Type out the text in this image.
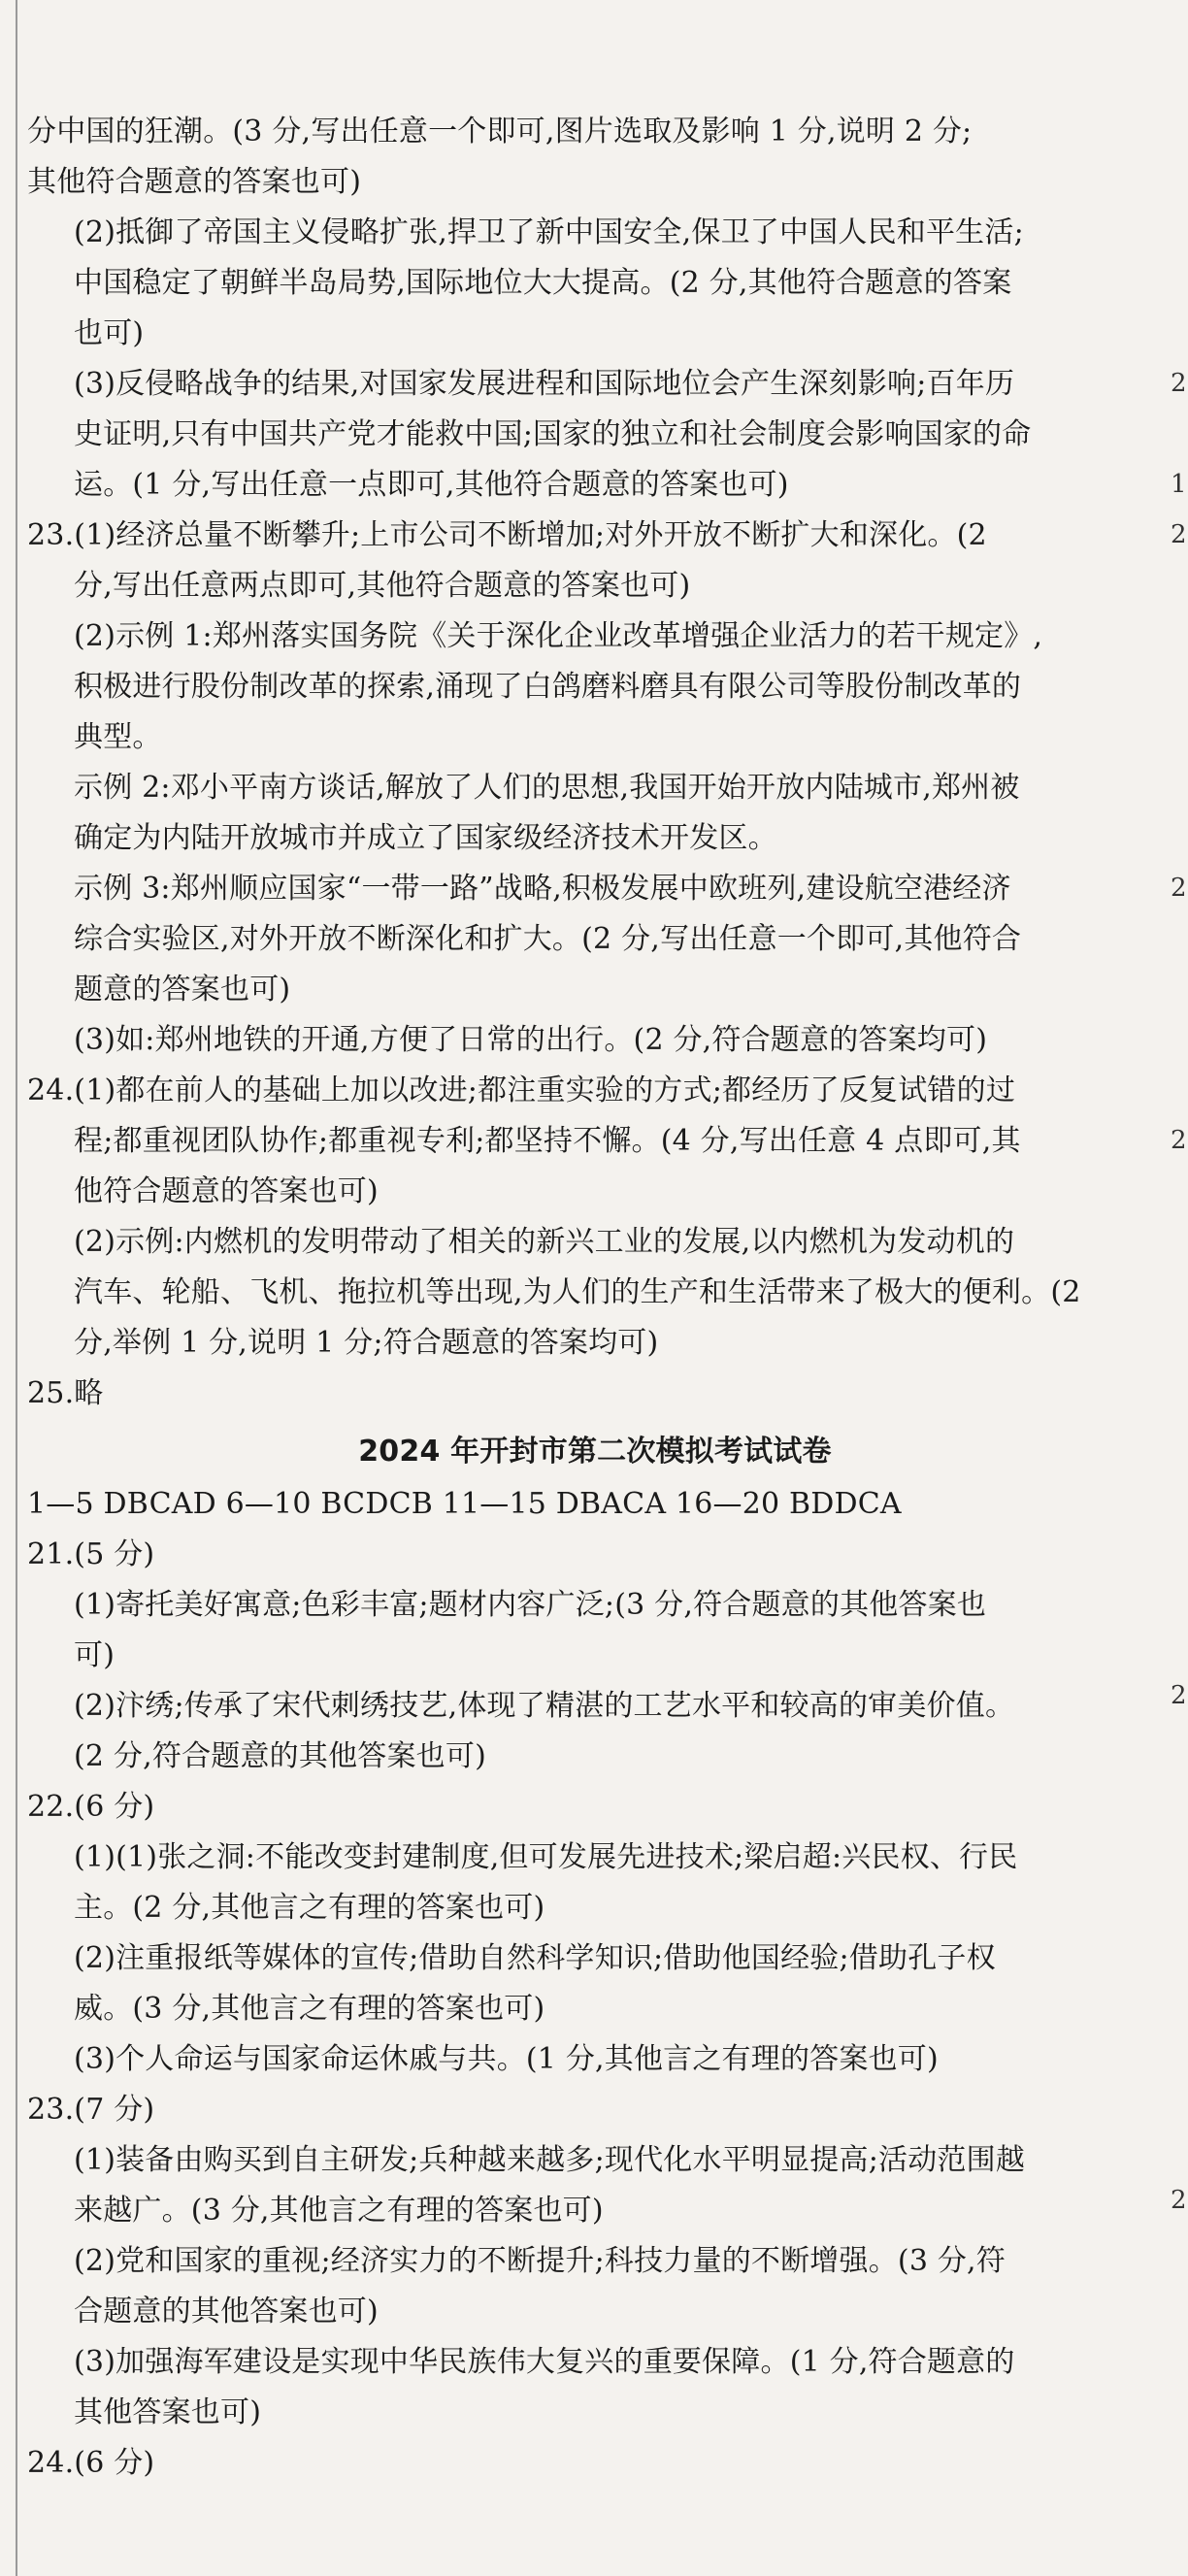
分中国的狂潮。(3 分,写出任意一个即可,图片选取及影响 1 分,说明 2 分;
其他符合题意的答案也可)
(2)抵御了帝国主义侵略扩张,捍卫了新中国安全,保卫了中国人民和平生活;
中国稳定了朝鲜半岛局势,国际地位大大提高。(2 分,其他符合题意的答案
也可)
(3)反侵略战争的结果,对国家发展进程和国际地位会产生深刻影响;百年历
史证明,只有中国共产党才能救中国;国家的独立和社会制度会影响国家的命
运。(1 分,写出任意一点即可,其他符合题意的答案也可)
23.(1)经济总量不断攀升;上市公司不断增加;对外开放不断扩大和深化。(2
分,写出任意两点即可,其他符合题意的答案也可)
(2)示例 1:郑州落实国务院《关于深化企业改革增强企业活力的若干规定》,
积极进行股份制改革的探索,涌现了白鸽磨料磨具有限公司等股份制改革的
典型。
示例 2:邓小平南方谈话,解放了人们的思想,我国开始开放内陆城市,郑州被
确定为内陆开放城市并成立了国家级经济技术开发区。
示例 3:郑州顺应国家“一带一路”战略,积极发展中欧班列,建设航空港经济
综合实验区,对外开放不断深化和扩大。(2 分,写出任意一个即可,其他符合
题意的答案也可)
(3)如:郑州地铁的开通,方便了日常的出行。(2 分,符合题意的答案均可)
24.(1)都在前人的基础上加以改进;都注重实验的方式;都经历了反复试错的过
程;都重视团队协作;都重视专利;都坚持不懈。(4 分,写出任意 4 点即可,其
他符合题意的答案也可)
(2)示例:内燃机的发明带动了相关的新兴工业的发展,以内燃机为发动机的
汽车、轮船、飞机、拖拉机等出现,为人们的生产和生活带来了极大的便利。(2
分,举例 1 分,说明 1 分;符合题意的答案均可)
25.略
2024 年开封市第二次模拟考试试卷
1—5 DBCAD 6—10 BCDCB 11—15 DBACA 16—20 BDDCA
21.(5 分)
(1)寄托美好寓意;色彩丰富;题材内容广泛;(3 分,符合题意的其他答案也
可)
(2)汴绣;传承了宋代刺绣技艺,体现了精湛的工艺水平和较高的审美价值。
(2 分,符合题意的其他答案也可)
22.(6 分)
(1)(1)张之洞:不能改变封建制度,但可发展先进技术;梁启超:兴民权、行民
主。(2 分,其他言之有理的答案也可)
(2)注重报纸等媒体的宣传;借助自然科学知识;借助他国经验;借助孔子权
威。(3 分,其他言之有理的答案也可)
(3)个人命运与国家命运休戚与共。(1 分,其他言之有理的答案也可)
23.(7 分)
(1)装备由购买到自主研发;兵种越来越多;现代化水平明显提高;活动范围越
来越广。(3 分,其他言之有理的答案也可)
(2)党和国家的重视;经济实力的不断提升;科技力量的不断增强。(3 分,符
合题意的其他答案也可)
(3)加强海军建设是实现中华民族伟大复兴的重要保障。(1 分,符合题意的
其他答案也可)
24.(6 分)
2
1
2
2
2
2
2
